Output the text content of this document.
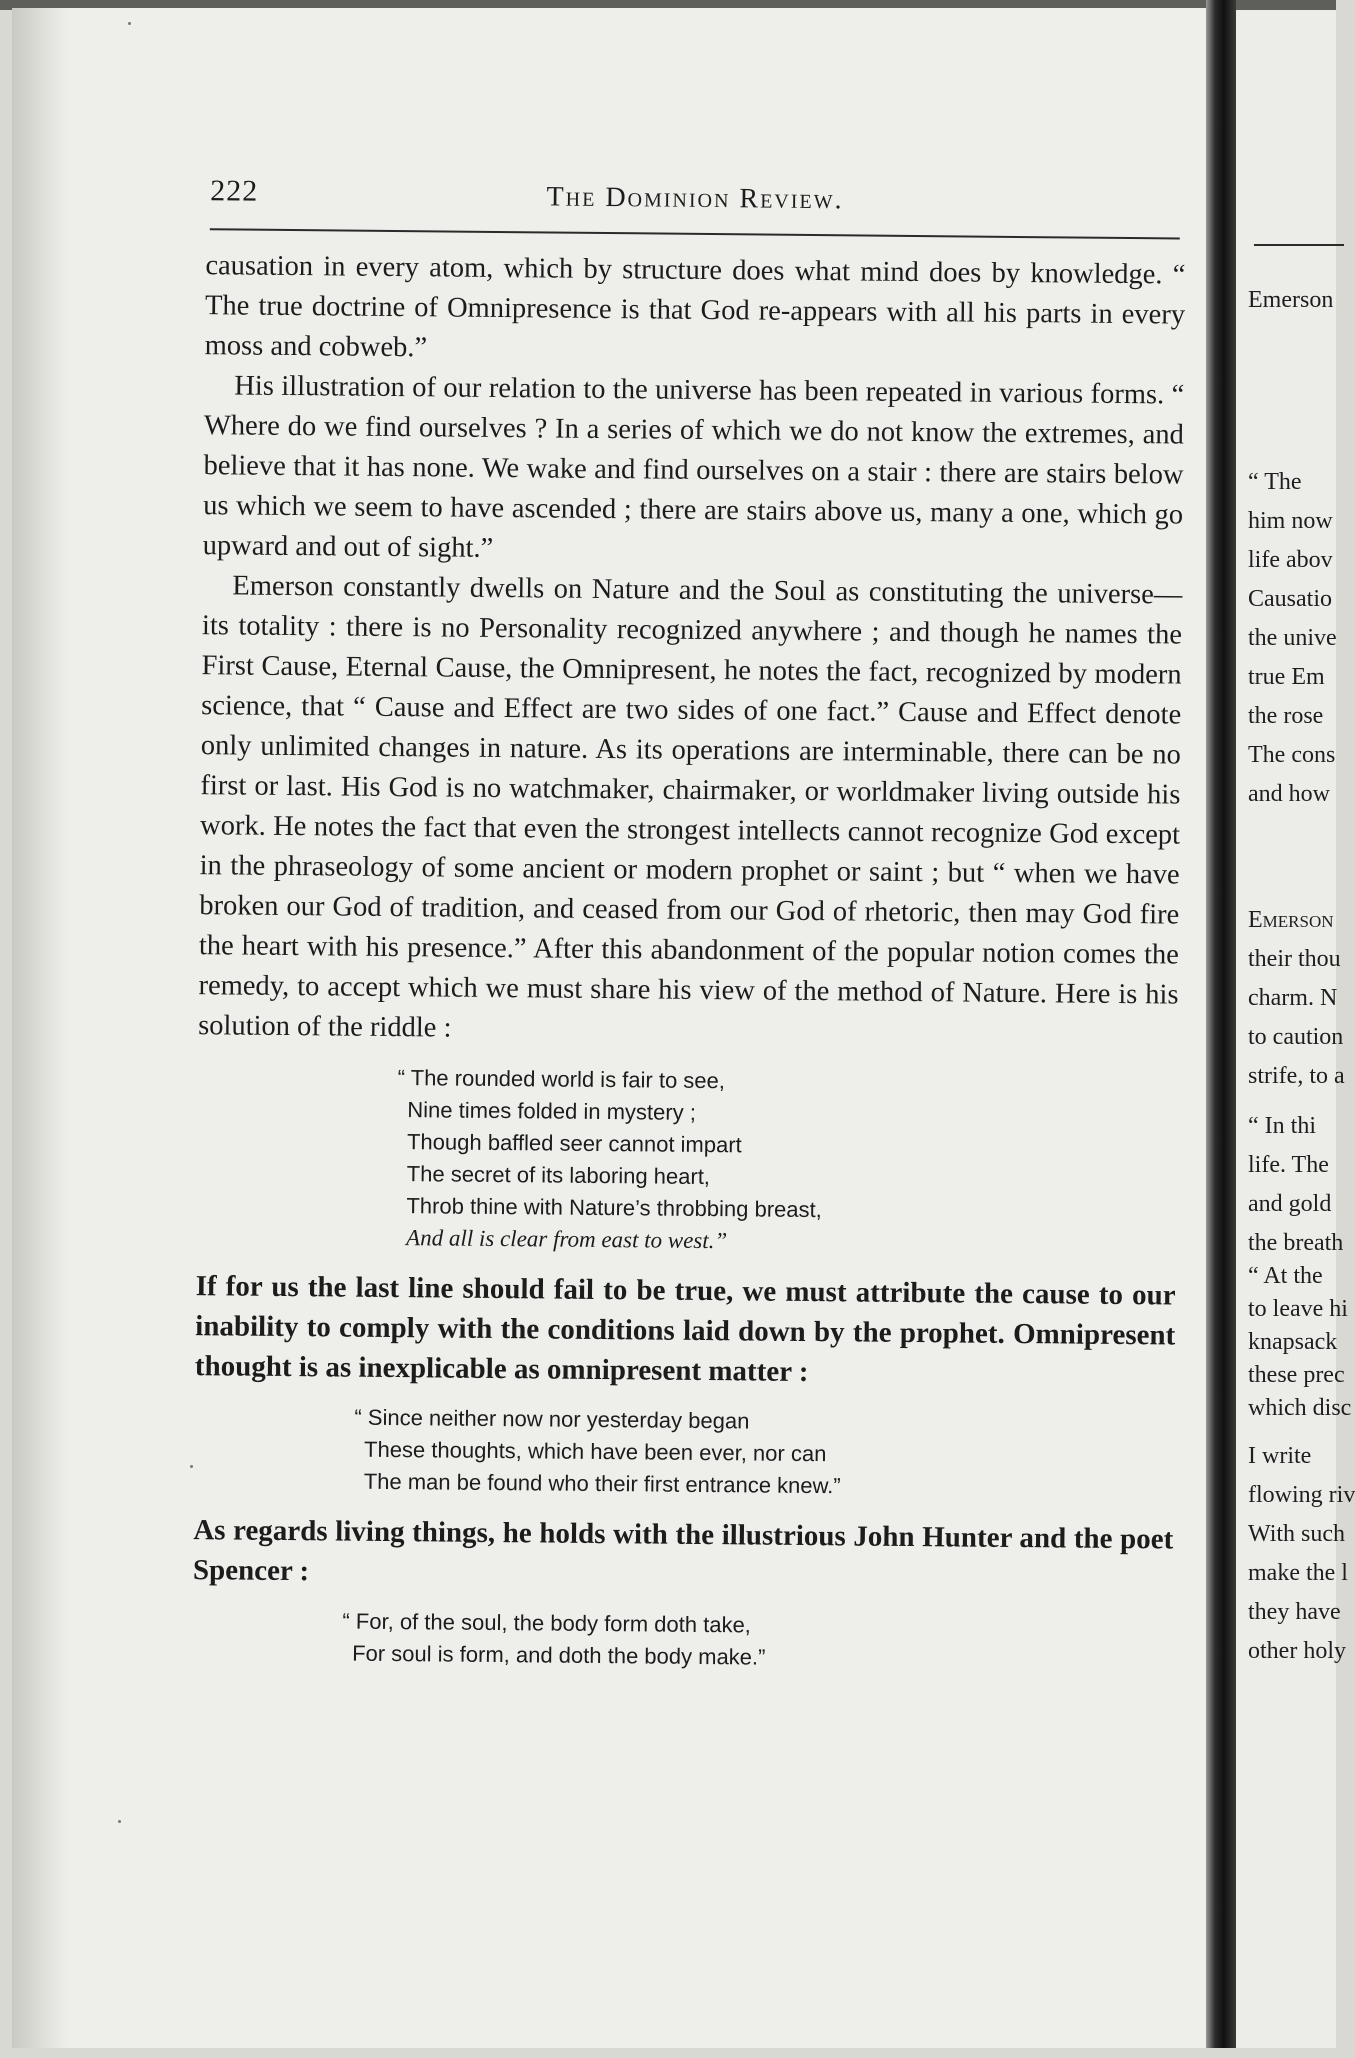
222	The Dominion Review.

causation in every atom, which by structure does what mind does by knowledge. “ The true doctrine of Omnipresence is that God re-appears with all his parts in every moss and cobweb.”

His illustration of our relation to the universe has been repeated in various forms. “ Where do we find ourselves ? In a series of which we do not know the extremes, and believe that it has none. We wake and find ourselves on a stair : there are stairs below us which we seem to have ascended ; there are stairs above us, many a one, which go upward and out of sight.”

Emerson constantly dwells on Nature and the Soul as constituting the universe—its totality : there is no Personality recognized anywhere ; and though he names the First Cause, Eternal Cause, the Omnipresent, he notes the fact, recognized by modern science, that “ Cause and Effect are two sides of one fact.” Cause and Effect denote only unlimited changes in nature. As its operations are interminable, there can be no first or last. His God is no watchmaker, chairmaker, or worldmaker living outside his work. He notes the fact that even the strongest intellects cannot recognize God except in the phraseology of some ancient or modern prophet or saint ; but “ when we have broken our God of tradition, and ceased from our God of rhetoric, then may God fire the heart with his presence.” After this abandonment of the popular notion comes the remedy, to accept which we must share his view of the method of Nature. Here is his solution of the riddle :

“ The rounded world is fair to see,
Nine times folded in mystery ;
Though baffled seer cannot impart
The secret of its laboring heart,
Throb thine with Nature’s throbbing breast,
And all is clear from east to west.”

If for us the last line should fail to be true, we must attribute the cause to our inability to comply with the conditions laid down by the prophet. Omnipresent thought is as inexplicable as omnipresent matter :

“ Since neither now nor yesterday began
These thoughts, which have been ever, nor can
The man be found who their first entrance knew.”

As regards living things, he holds with the illustrious John Hunter and the poet Spencer :

“ For, of the soul, the body form doth take,
For soul is form, and doth the body make.”
Emerson
“ The
him now
life abov
Causatio
the unive
true Em
the rose
The cons
and how
Emerson
their thou
charm. N
to caution
strife, to a
“ In thi
life. The
and gold
the breath
“ At the
to leave hi
knapsack
these prec
which disc
I write
flowing riv
With such
make the l
they have
other holy
